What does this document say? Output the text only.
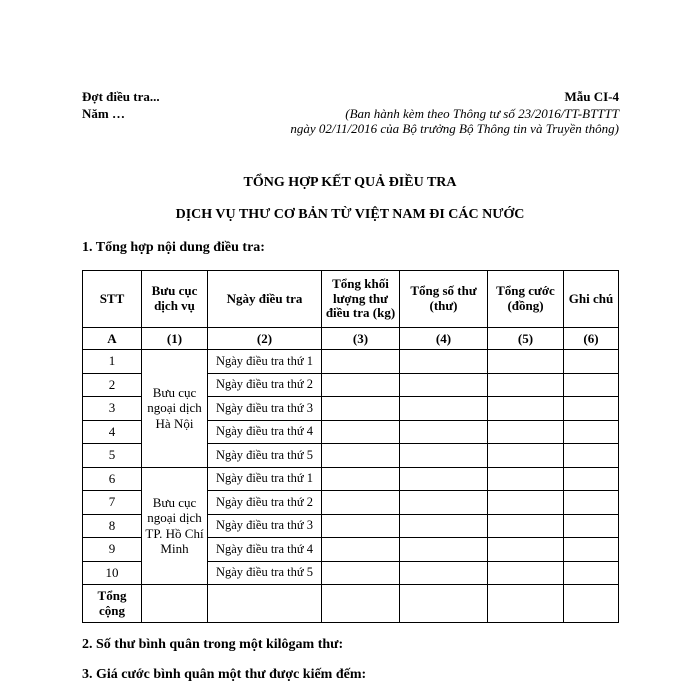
Đợt điều tra...
Năm …
Mẫu CI-4
(Ban hành kèm theo Thông tư số 23/2016/TT-BTTTT
ngày 02/11/2016 của Bộ trưởng Bộ Thông tin và Truyền thông)
TỔNG HỢP KẾT QUẢ ĐIỀU TRA
DỊCH VỤ THƯ CƠ BẢN TỪ VIỆT NAM ĐI CÁC NƯỚC
1. Tổng hợp nội dung điều tra:
STT	Bưu cục dịch vụ	Ngày điều tra	Tổng khối lượng thư điều tra (kg)	Tổng số thư (thư)	Tổng cước (đồng)	Ghi chú
A	(1)	(2)	(3)	(4)	(5)	(6)
1	Bưu cục ngoại dịch Hà Nội	Ngày điều tra thứ 1				
2		Ngày điều tra thứ 2				
3		Ngày điều tra thứ 3				
4		Ngày điều tra thứ 4				
5		Ngày điều tra thứ 5				
6	Bưu cục ngoại dịch TP. Hồ Chí Minh	Ngày điều tra thứ 1				
7		Ngày điều tra thứ 2				
8		Ngày điều tra thứ 3				
9		Ngày điều tra thứ 4				
10		Ngày điều tra thứ 5				
Tổng cộng						
2. Số thư bình quân trong một kilôgam thư:
3. Giá cước bình quân một thư được kiếm đếm:
